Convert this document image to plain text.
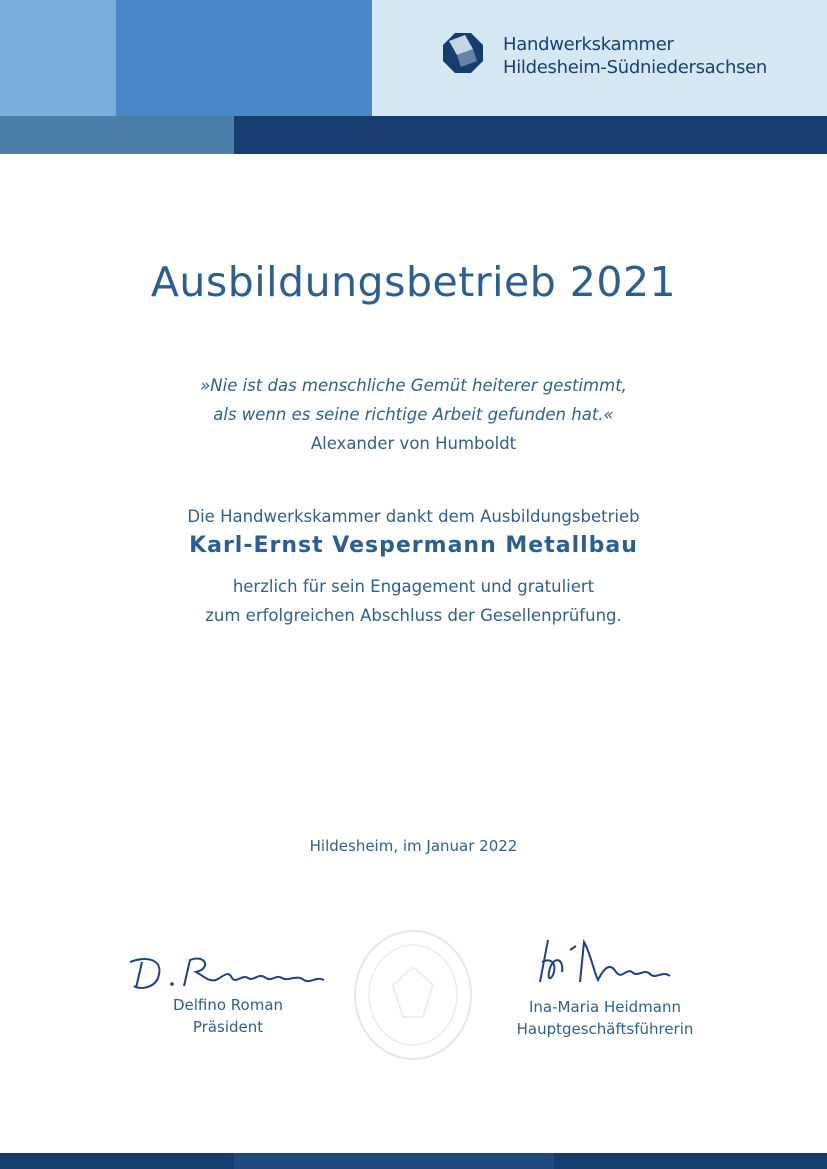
Handwerkskammer
Hildesheim-Südniedersachsen
Ausbildungsbetrieb 2021
»Nie ist das menschliche Gemüt heiterer gestimmt,
als wenn es seine richtige Arbeit gefunden hat.«
Alexander von Humboldt
Die Handwerkskammer dankt dem Ausbildungsbetrieb
Karl-Ernst Vespermann Metallbau
herzlich für sein Engagement und gratuliert
zum erfolgreichen Abschluss der Gesellenprüfung.
Hildesheim, im Januar 2022
Delfino Roman
Präsident
Ina-Maria Heidmann
Hauptgeschäftsführerin
